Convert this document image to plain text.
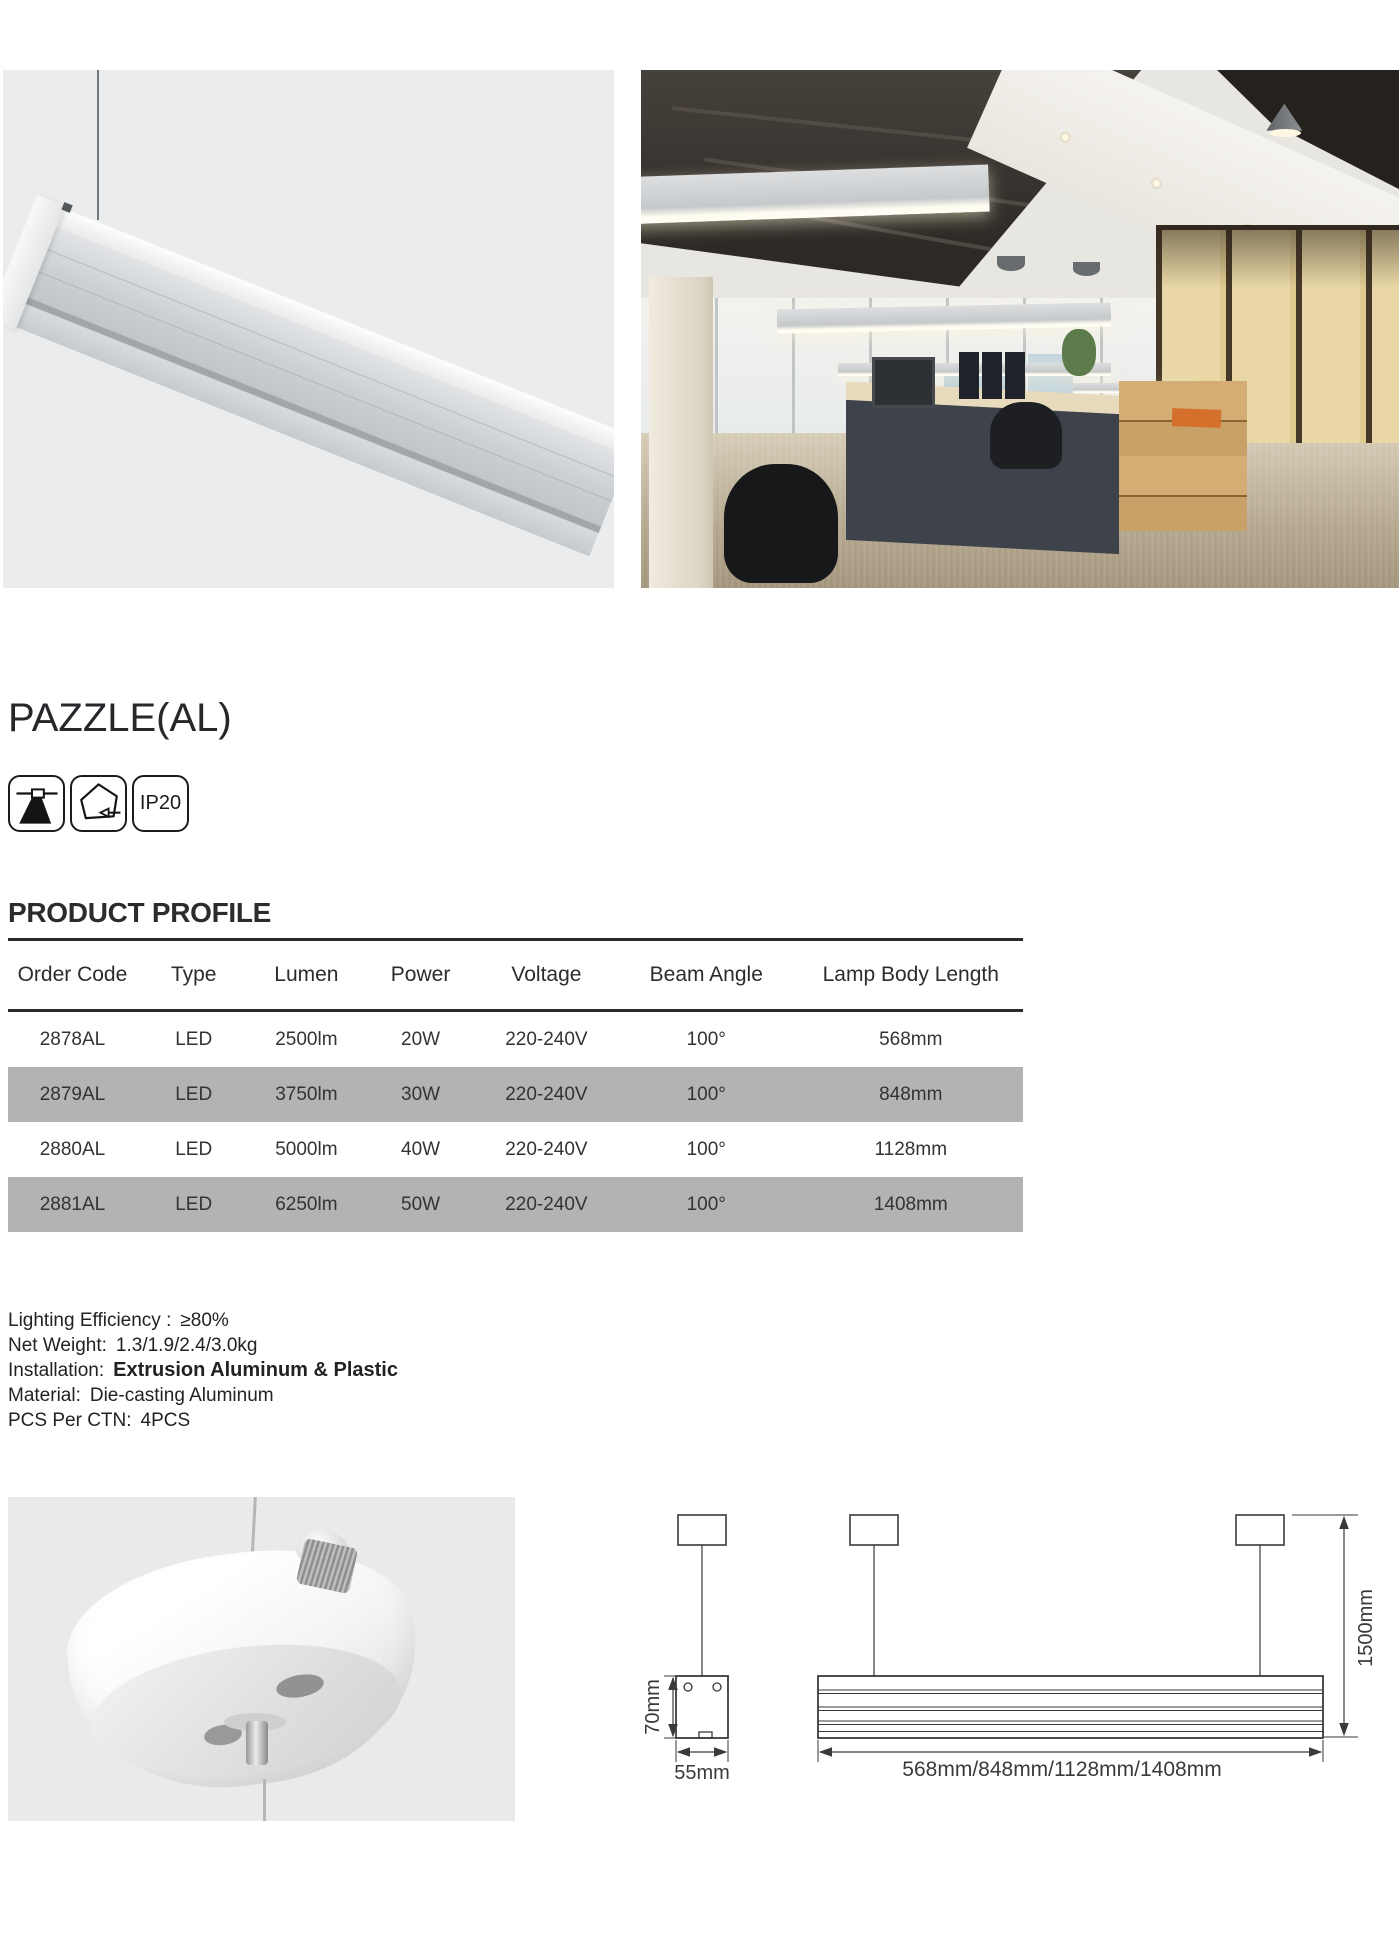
PAZZLE(AL)
IP20
PRODUCT PROFILE
Order Code	Type	Lumen	Power	Voltage	Beam Angle	Lamp Body Length
2878AL	LED	2500lm	20W	220-240V	100°	568mm
2879AL	LED	3750lm	30W	220-240V	100°	848mm
2880AL	LED	5000lm	40W	220-240V	100°	1128mm
2881AL	LED	6250lm	50W	220-240V	100°	1408mm
Lighting Efficiency : ≥80%
Net Weight: 1.3/1.9/2.4/3.0kg
Installation: Extrusion Aluminum & Plastic
Material: Die-casting Aluminum
PCS Per CTN: 4PCS
70mm
55mm	568mm/848mm/1128mm/1408mm
1500mm
